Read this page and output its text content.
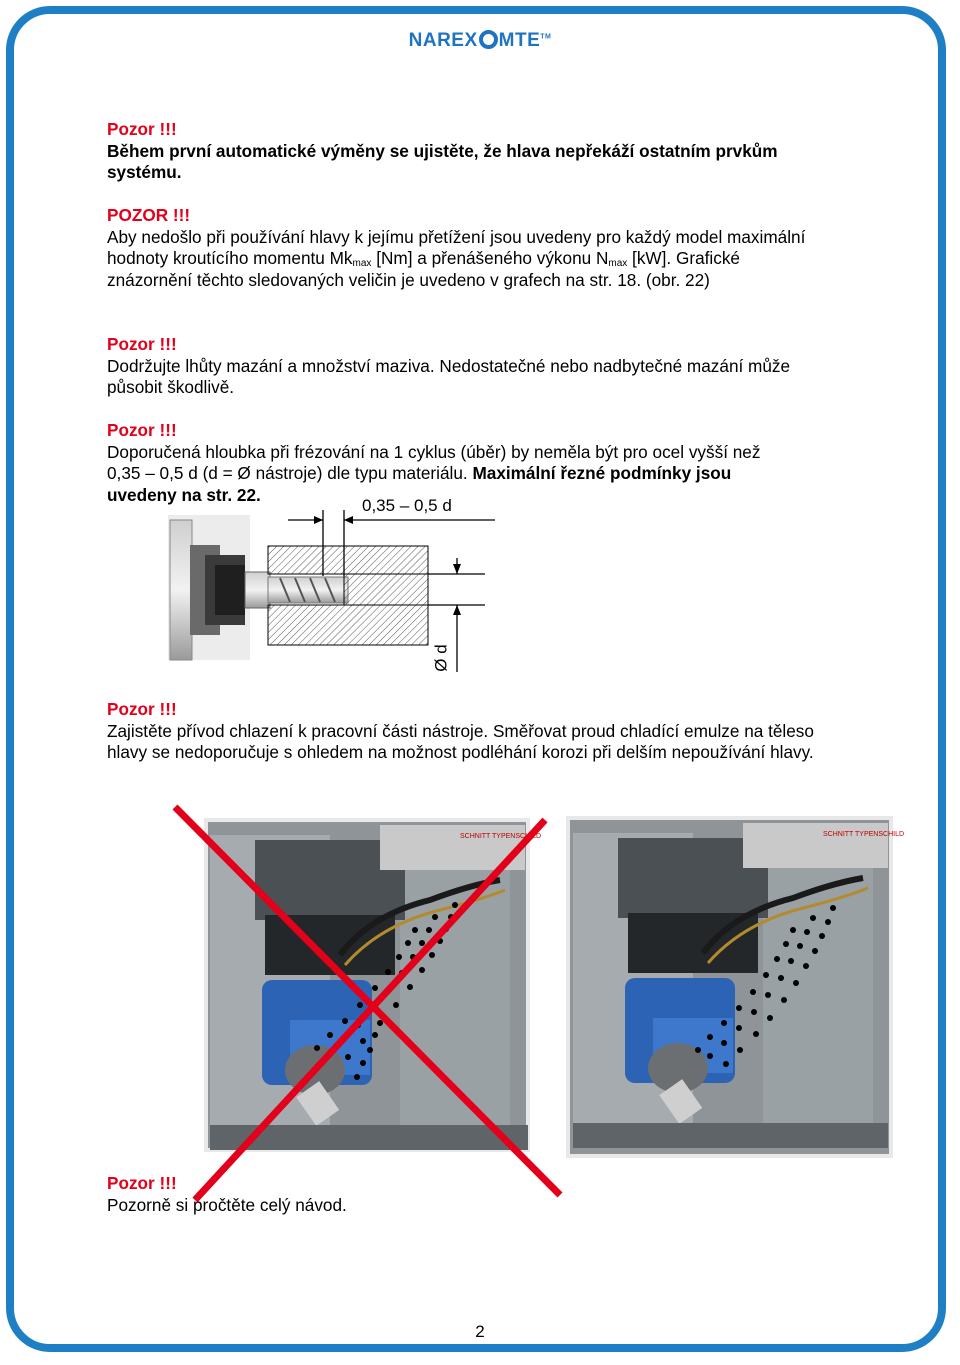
NAREX MTE™
Pozor !!!
Během první automatické výměny se ujistěte, že hlava nepřekáží ostatním prvkům systému.
POZOR !!!
Aby nedošlo při používání hlavy k jejímu přetížení jsou uvedeny pro každý model maximální hodnoty kroutícího momentu $Mk_{max}$ [Nm] a přenášeného výkonu $N_{max}$ [kW]. Grafické znázornění těchto sledovaných veličin je uvedeno v grafech na str. 18. (obr. 22)
Pozor !!!
Dodržujte lhůty mazání a množství maziva. Nedostatečné nebo nadbytečné mazání může působit škodlivě.
Pozor !!!
Doporučená hloubka při frézování na 1 cyklus (úběr) by neměla být pro ocel vyšší než 0,35 – 0,5 d (d = Ø nástroje) dle typu materiálu. Maximální řezné podmínky jsou uvedeny na str. 22.
0,35 – 0,5 d
Ø d
Pozor !!!
Zajistěte přívod chlazení k pracovní části nástroje. Směřovat proud chladící emulze na těleso hlavy se nedoporučuje s ohledem na možnost podléhání korozi při delším nepoužívání hlavy.
SCHNITT TYPENSCHILD	SCHNITT TYPENSCHILD
Pozor !!!
Pozorně si pročtěte celý návod.
2
